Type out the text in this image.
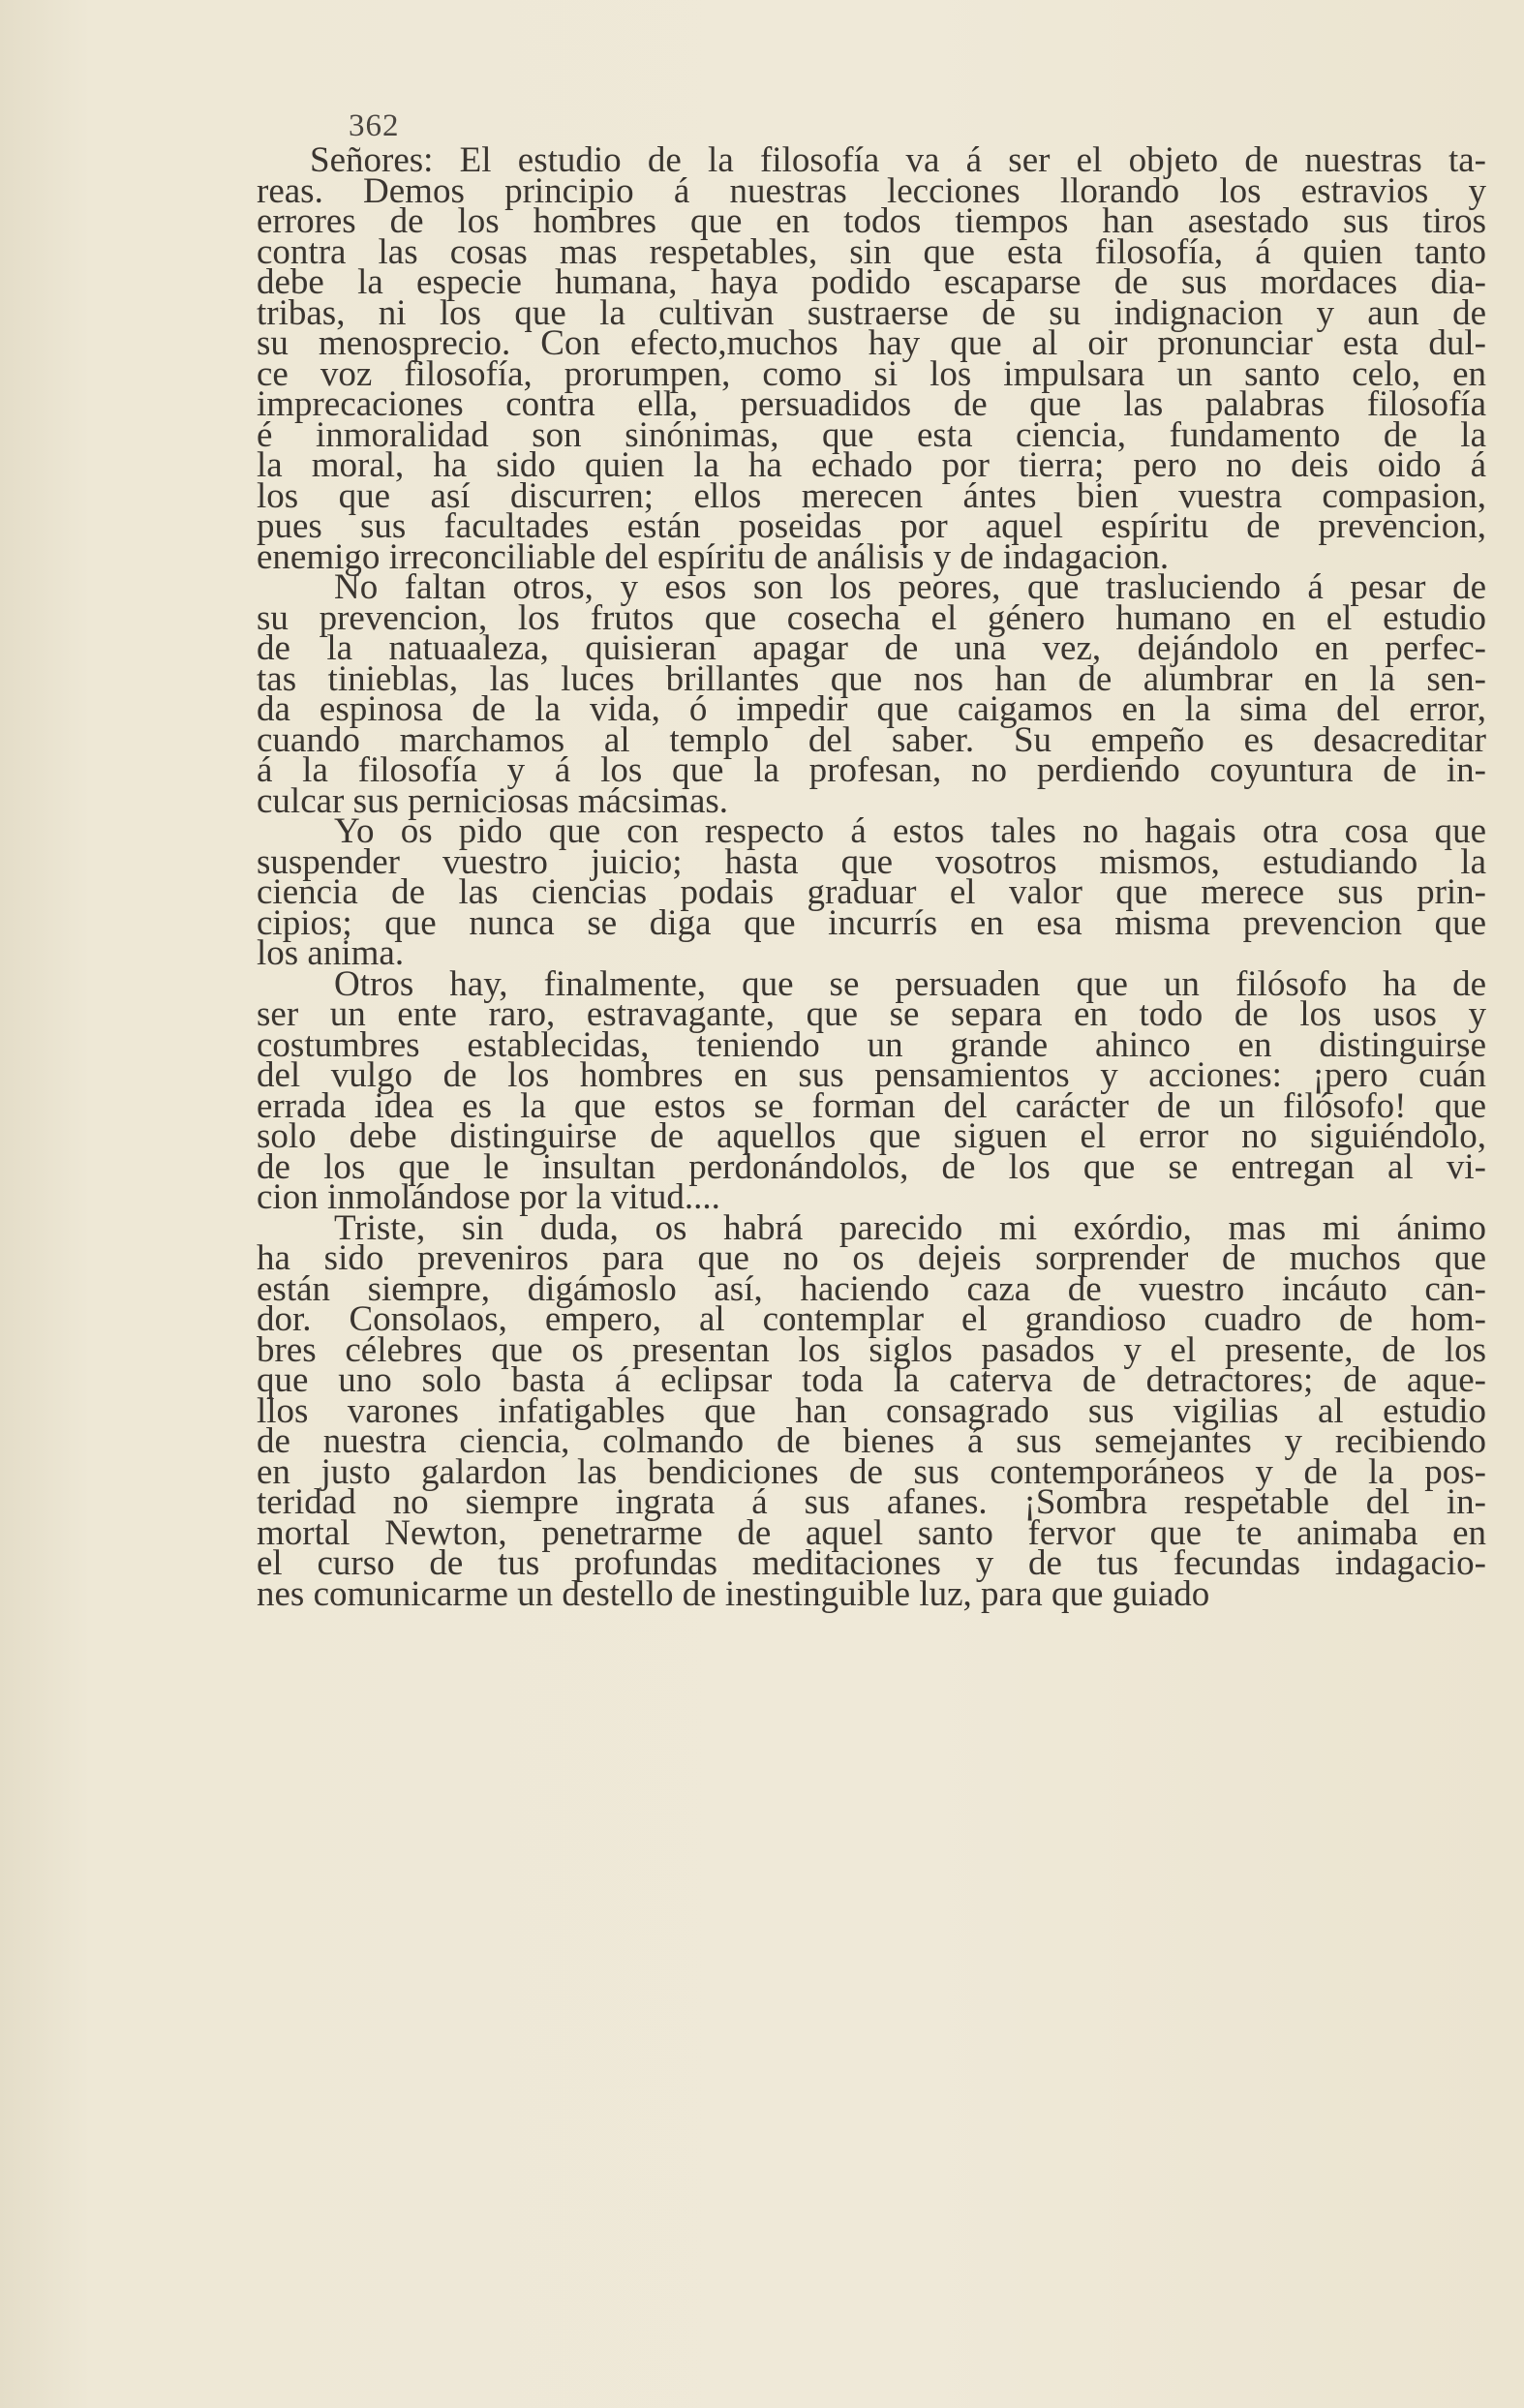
362

Señores: El estudio de la filosofía va á ser el objeto de nuestras ta-

reas. Demos principio á nuestras lecciones llorando los estravios y

errores de los hombres que en todos tiempos han asestado sus tiros

contra las cosas mas respetables, sin que esta filosofía, á quien tanto

debe la especie humana, haya podido escaparse de sus mordaces dia-

tribas, ni los que la cultivan sustraerse de su indignacion y aun de

su menosprecio. Con efecto,muchos hay que al oir pronunciar esta dul-

ce voz filosofía, prorumpen, como si los impulsara un santo celo, en

imprecaciones contra ella, persuadidos de que las palabras filosofía

é inmoralidad son sinónimas, que esta ciencia, fundamento de la

la moral, ha sido quien la ha echado por tierra; pero no deis oido á

los que así discurren; ellos merecen ántes bien vuestra compasion,

pues sus facultades están poseidas por aquel espíritu de prevencion,

enemigo irreconciliable del espíritu de análisis y de indagacion.

No faltan otros, y esos son los peores, que trasluciendo á pesar de

su prevencion, los frutos que cosecha el género humano en el estudio

de la natuaaleza, quisieran apagar de una vez, dejándolo en perfec-

tas tinieblas, las luces brillantes que nos han de alumbrar en la sen-

da espinosa de la vida, ó impedir que caigamos en la sima del error,

cuando marchamos al templo del saber. Su empeño es desacreditar

á la filosofía y á los que la profesan, no perdiendo coyuntura de in-

culcar sus perniciosas mácsimas.

Yo os pido que con respecto á estos tales no hagais otra cosa que

suspender vuestro juicio; hasta que vosotros mismos, estudiando la

ciencia de las ciencias podais graduar el valor que merece sus prin-

cipios; que nunca se diga que incurrís en esa misma prevencion que

los anima.

Otros hay, finalmente, que se persuaden que un filósofo ha de

ser un ente raro, estravagante, que se separa en todo de los usos y

costumbres establecidas, teniendo un grande ahinco en distinguirse

del vulgo de los hombres en sus pensamientos y acciones: ¡pero cuán

errada idea es la que estos se forman del carácter de un filósofo! que

solo debe distinguirse de aquellos que siguen el error no siguiéndolo,

de los que le insultan perdonándolos, de los que se entregan al vi-

cion inmolándose por la vitud....

Triste, sin duda, os habrá parecido mi exórdio, mas mi ánimo

ha sido preveniros para que no os dejeis sorprender de muchos que

están siempre, digámoslo así, haciendo caza de vuestro incáuto can-

dor. Consolaos, empero, al contemplar el grandioso cuadro de hom-

bres célebres que os presentan los siglos pasados y el presente, de los

que uno solo basta á eclipsar toda la caterva de detractores; de aque-

llos varones infatigables que han consagrado sus vigilias al estudio

de nuestra ciencia, colmando de bienes á sus semejantes y recibiendo

en justo galardon las bendiciones de sus contemporáneos y de la pos-

teridad no siempre ingrata á sus afanes. ¡Sombra respetable del in-

mortal Newton, penetrarme de aquel santo fervor que te animaba en

el curso de tus profundas meditaciones y de tus fecundas indagacio-

nes comunicarme un destello de inestinguible luz, para que guiado
